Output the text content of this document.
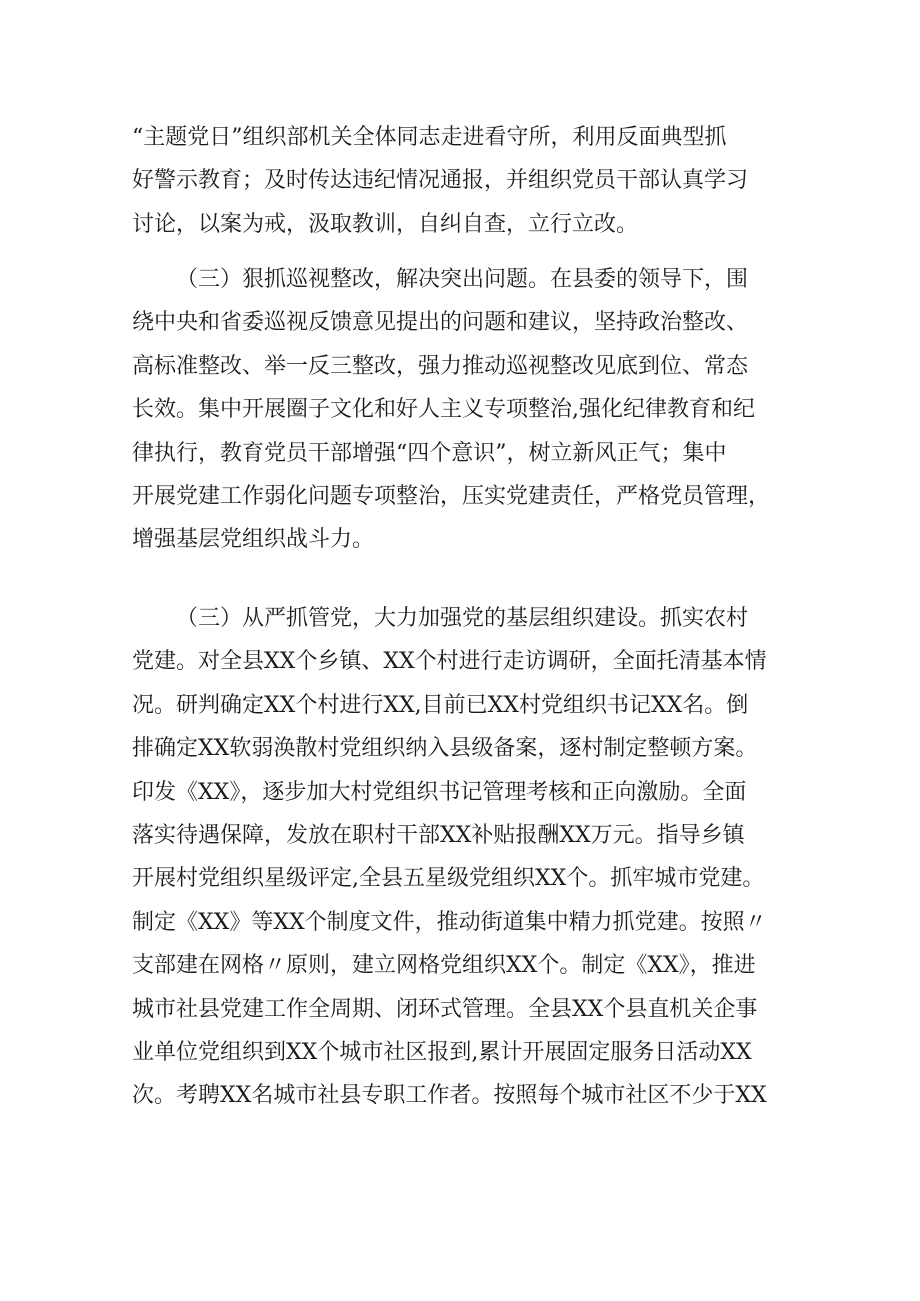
“主题党日”组织部机关全体同志走进看守所，利用反面典型抓
好警示教育；及时传达违纪情况通报，并组织党员干部认真学习
讨论，以案为戒，汲取教训，自纠自查，立行立改。
（三）狠抓巡视整改，解决突出问题。在县委的领导下，围
绕中央和省委巡视反馈意见提出的问题和建议，坚持政治整改、
高标准整改、举一反三整改，强力推动巡视整改见底到位、常态
长效。集中开展圈子文化和好人主义专项整治,强化纪律教育和纪
律执行，教育党员干部增强“四个意识”，树立新风正气；集中
开展党建工作弱化问题专项整治，压实党建责任，严格党员管理，
增强基层党组织战斗力。
（三）从严抓管党，大力加强党的基层组织建设。抓实农村
党建。对全县XX个乡镇、XX个村进行走访调研，全面托清基本情
况。研判确定XX个村进行XX,目前已XX村党组织书记XX名。倒
排确定XX软弱涣散村党组织纳入县级备案，逐村制定整顿方案。
印发《XX》，逐步加大村党组织书记管理考核和正向激励。全面
落实待遇保障，发放在职村干部XX补贴报酬XX万元。指导乡镇
开展村党组织星级评定,全县五星级党组织XX个。抓牢城市党建。
制定《XX》等XX个制度文件，推动街道集中精力抓党建。按照〃
支部建在网格〃原则，建立网格党组织XX个。制定《XX》，推进
城市社县党建工作全周期、闭环式管理。全县XX个县直机关企事
业单位党组织到XX个城市社区报到,累计开展固定服务日活动XX
次。考聘XX名城市社县专职工作者。按照每个城市社区不少于XX
